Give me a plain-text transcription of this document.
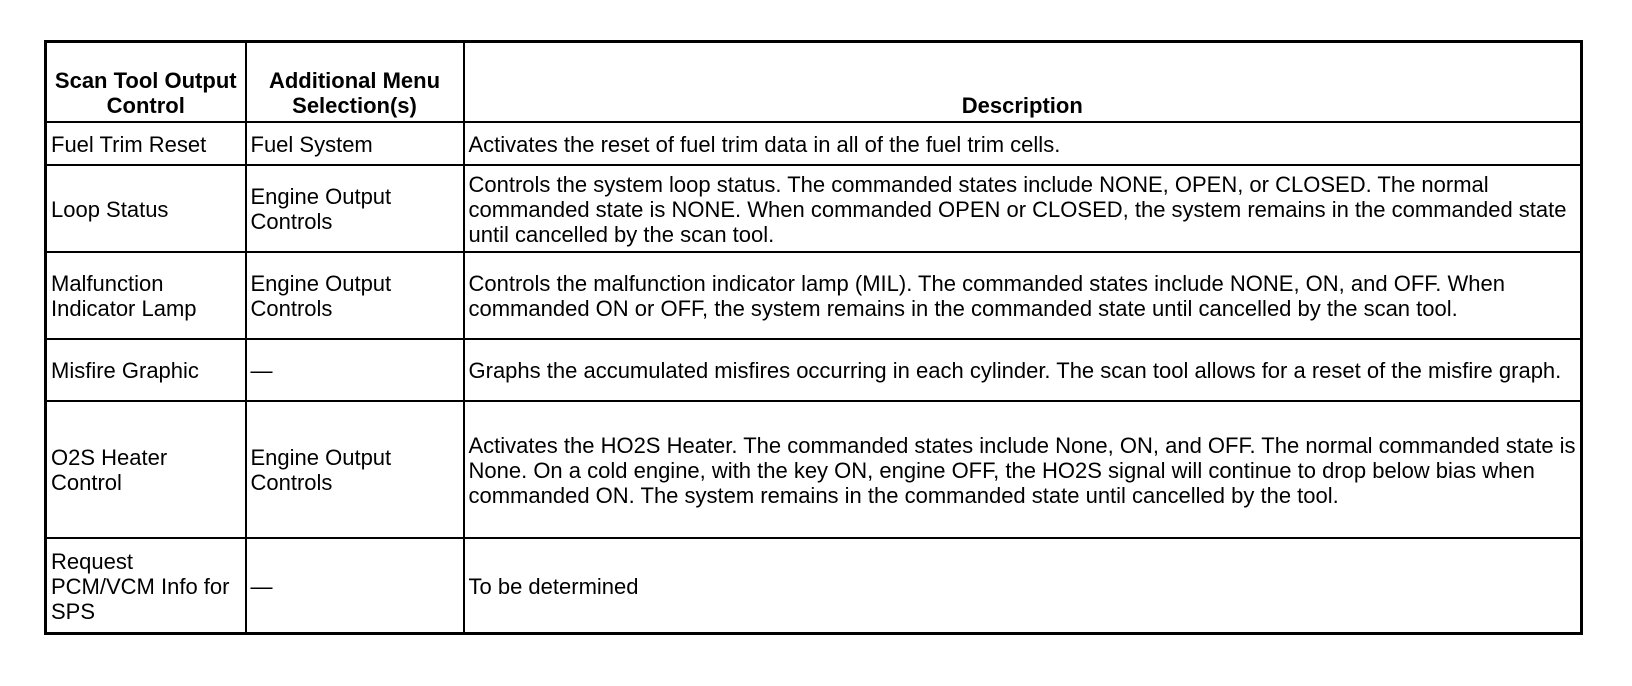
Scan Tool Output Control	Additional Menu Selection(s)	Description
Fuel Trim Reset	Fuel System	Activates the reset of fuel trim data in all of the fuel trim cells.
Loop Status	Engine Output Controls	Controls the system loop status. The commanded states include NONE, OPEN, or CLOSED. The normal commanded state is NONE. When commanded OPEN or CLOSED, the system remains in the commanded state until cancelled by the scan tool.
Malfunction Indicator Lamp	Engine Output Controls	Controls the malfunction indicator lamp (MIL). The commanded states include NONE, ON, and OFF. When commanded ON or OFF, the system remains in the commanded state until cancelled by the scan tool.
Misfire Graphic	—	Graphs the accumulated misfires occurring in each cylinder. The scan tool allows for a reset of the misfire graph.
O2S Heater Control	Engine Output Controls	Activates the HO2S Heater. The commanded states include None, ON, and OFF. The normal commanded state is None. On a cold engine, with the key ON, engine OFF, the HO2S signal will continue to drop below bias when commanded ON. The system remains in the commanded state until cancelled by the tool.
Request PCM/VCM Info for SPS	—	To be determined
